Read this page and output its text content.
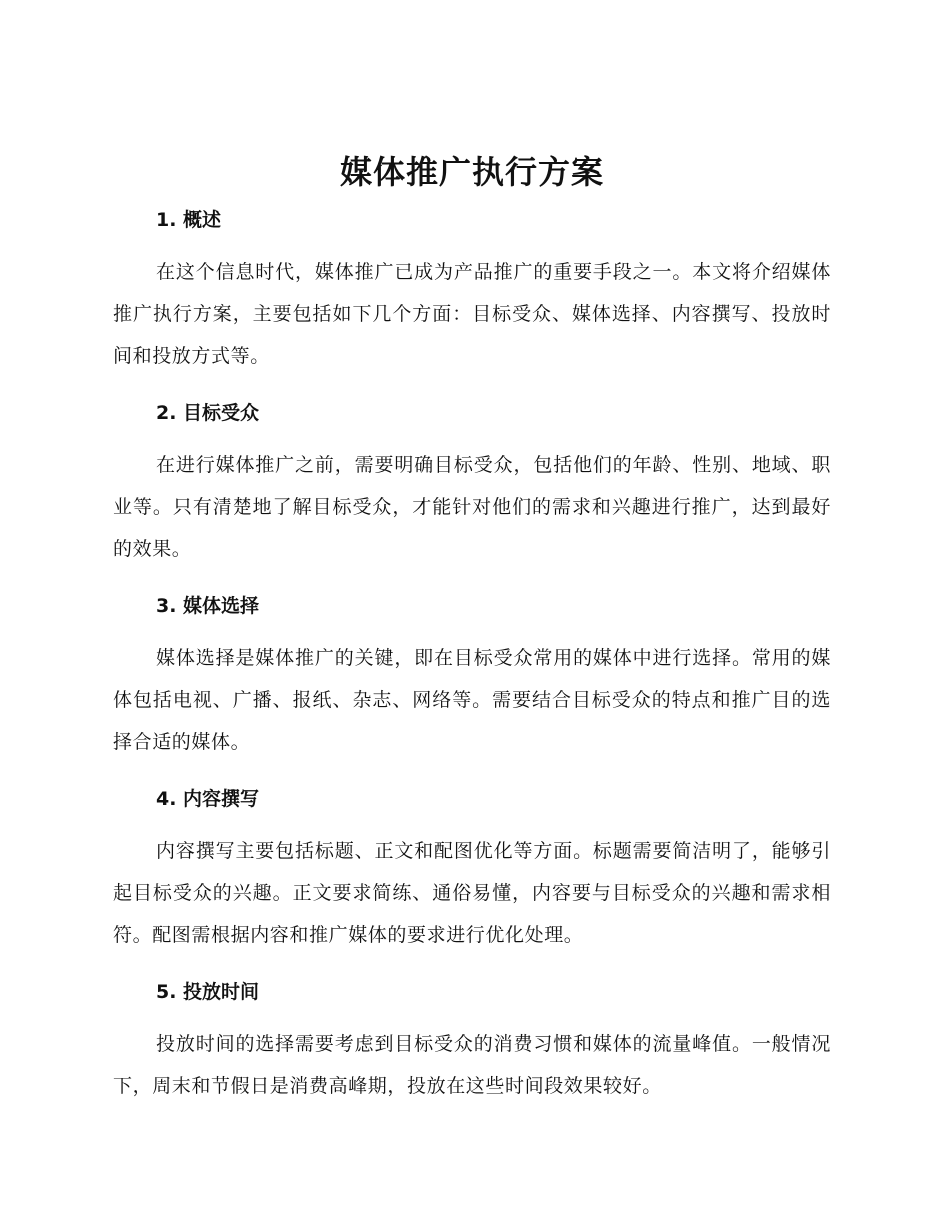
媒体推广执行方案
1. 概述

在这个信息时代，媒体推广已成为产品推广的重要手段之一。本文将介绍媒体推广执行方案，主要包括如下几个方面：目标受众、媒体选择、内容撰写、投放时间和投放方式等。

2. 目标受众

在进行媒体推广之前，需要明确目标受众，包括他们的年龄、性别、地域、职业等。只有清楚地了解目标受众，才能针对他们的需求和兴趣进行推广，达到最好的效果。

3. 媒体选择

媒体选择是媒体推广的关键，即在目标受众常用的媒体中进行选择。常用的媒体包括电视、广播、报纸、杂志、网络等。需要结合目标受众的特点和推广目的选择合适的媒体。

4. 内容撰写

内容撰写主要包括标题、正文和配图优化等方面。标题需要简洁明了，能够引起目标受众的兴趣。正文要求简练、通俗易懂，内容要与目标受众的兴趣和需求相符。配图需根据内容和推广媒体的要求进行优化处理。

5. 投放时间

投放时间的选择需要考虑到目标受众的消费习惯和媒体的流量峰值。一般情况下，周末和节假日是消费高峰期，投放在这些时间段效果较好。
